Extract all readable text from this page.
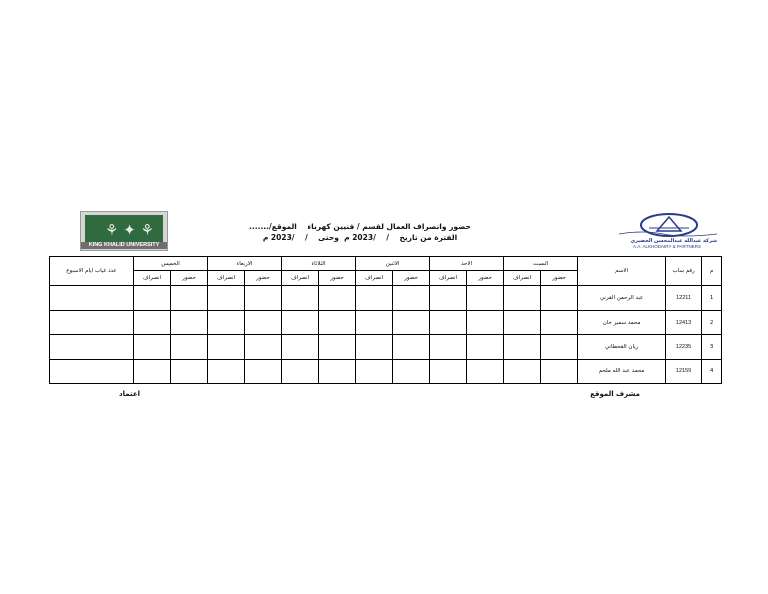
⚘ ✦ ⚘
KING KHALID UNIVERSITY
شركة عبدالله عبدالمحسن الخضيري
A.A. ALKHODAIRY & PARTNERS
حضور وانصراف العمال لقسم / فنيين كهرباء    الموقع/.......
الفترة من تاريخ    /    /2023 م  وحتى    /    /2023 م
م	رقم ساب	الاسم	السبت		الاحد		الاثنين		الثلاثاء		الاربعاء		الخميس		عدد غياب ايام الاسبوع
			حضور	انصراف	حضور	انصراف	حضور	انصراف	حضور	انصراف	حضور	انصراف	حضور	انصراف	
1	12211	عبد الرحمن القرني													
2	12413	محمد سمير خان													
3	12235	ريان القحطاني													
4	12159	محمد عبد الله ملحم													
مشرف الموقع
اعتماد
